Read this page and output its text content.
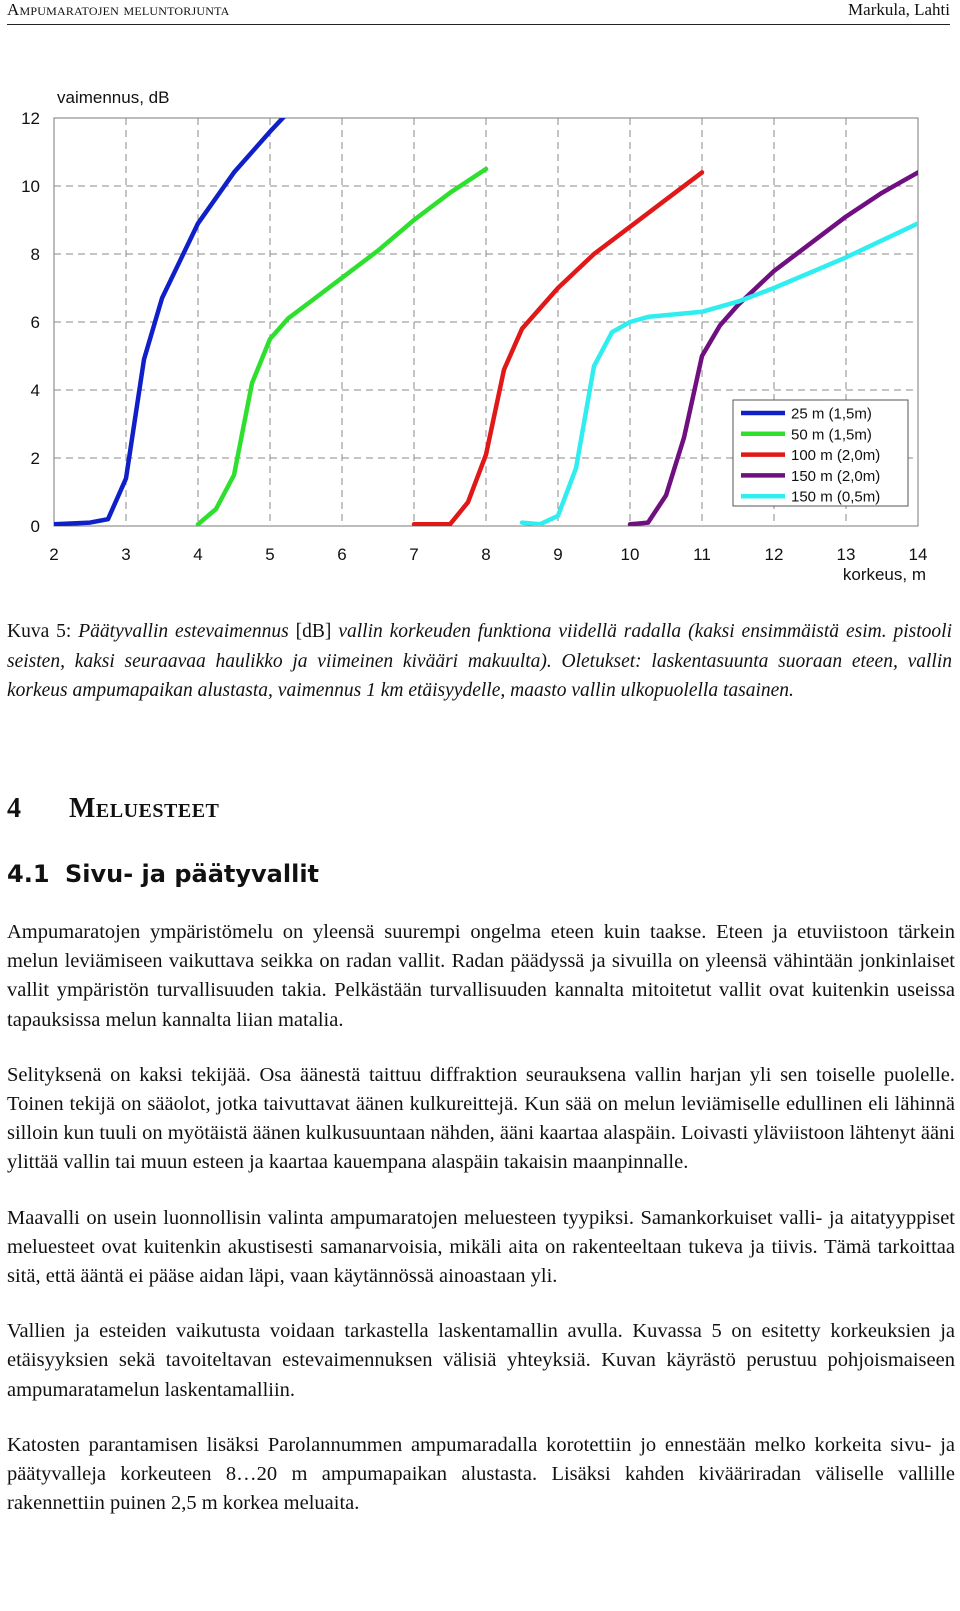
Ampumaratojen meluntorjunta	Markula, Lahti
0
2
4
6
8
10
12
2	3	4	5	6	7	8	9	10	11	12	13	14
vaimennus, dB
korkeus, m
25 m (1,5m)
50 m (1,5m)
100 m (2,0m)
150 m (2,0m)
150 m (0,5m)
Kuva 5: Päätyvallin estevaimennus [dB] vallin korkeuden funktiona viidellä radalla (kaksi ensimmäistä esim. pistooli seisten, kaksi seuraavaa haulikko ja viimeinen kivääri makuulta). Oletukset: laskentasuunta suoraan eteen, vallin korkeus ampumapaikan alustasta, vaimennus 1 km etäisyydelle, maasto vallin ulkopuolella tasainen.
4 Meluesteet
4.1 Sivu- ja päätyvallit

Ampumaratojen ympäristömelu on yleensä suurempi ongelma eteen kuin taakse. Eteen ja etuviistoon tärkein melun leviämiseen vaikuttava seikka on radan vallit. Radan päädyssä ja sivuilla on yleensä vähintään jonkinlaiset vallit ympäristön turvallisuuden takia. Pelkästään turvallisuuden kannalta mitoitetut vallit ovat kuitenkin useissa tapauksissa melun kannalta liian matalia.

Selityksenä on kaksi tekijää. Osa äänestä taittuu diffraktion seurauksena vallin harjan yli sen toiselle puolelle. Toinen tekijä on sääolot, jotka taivuttavat äänen kulkureittejä. Kun sää on melun leviämiselle edullinen eli lähinnä silloin kun tuuli on myötäistä äänen kulkusuuntaan nähden, ääni kaartaa alaspäin. Loivasti yläviistoon lähtenyt ääni ylittää vallin tai muun esteen ja kaartaa kauempana alaspäin takaisin maanpinnalle.

Maavalli on usein luonnollisin valinta ampumaratojen meluesteen tyypiksi. Samankorkuiset valli- ja aitatyyppiset meluesteet ovat kuitenkin akustisesti samanarvoisia, mikäli aita on rakenteeltaan tukeva ja tiivis. Tämä tarkoittaa sitä, että ääntä ei pääse aidan läpi, vaan käytännössä ainoastaan yli.

Vallien ja esteiden vaikutusta voidaan tarkastella laskentamallin avulla. Kuvassa 5 on esitetty korkeuksien ja etäisyyksien sekä tavoiteltavan estevaimennuksen välisiä yhteyksiä. Kuvan käyrästö perustuu pohjoismaiseen ampumaratamelun laskentamalliin.

Katosten parantamisen lisäksi Parolannummen ampumaradalla korotettiin jo ennestään melko korkeita sivu- ja päätyvalleja korkeuteen 8…20 m ampumapaikan alustasta. Lisäksi kahden kivääriradan väliselle vallille rakennettiin puinen 2,5 m korkea meluaita.
